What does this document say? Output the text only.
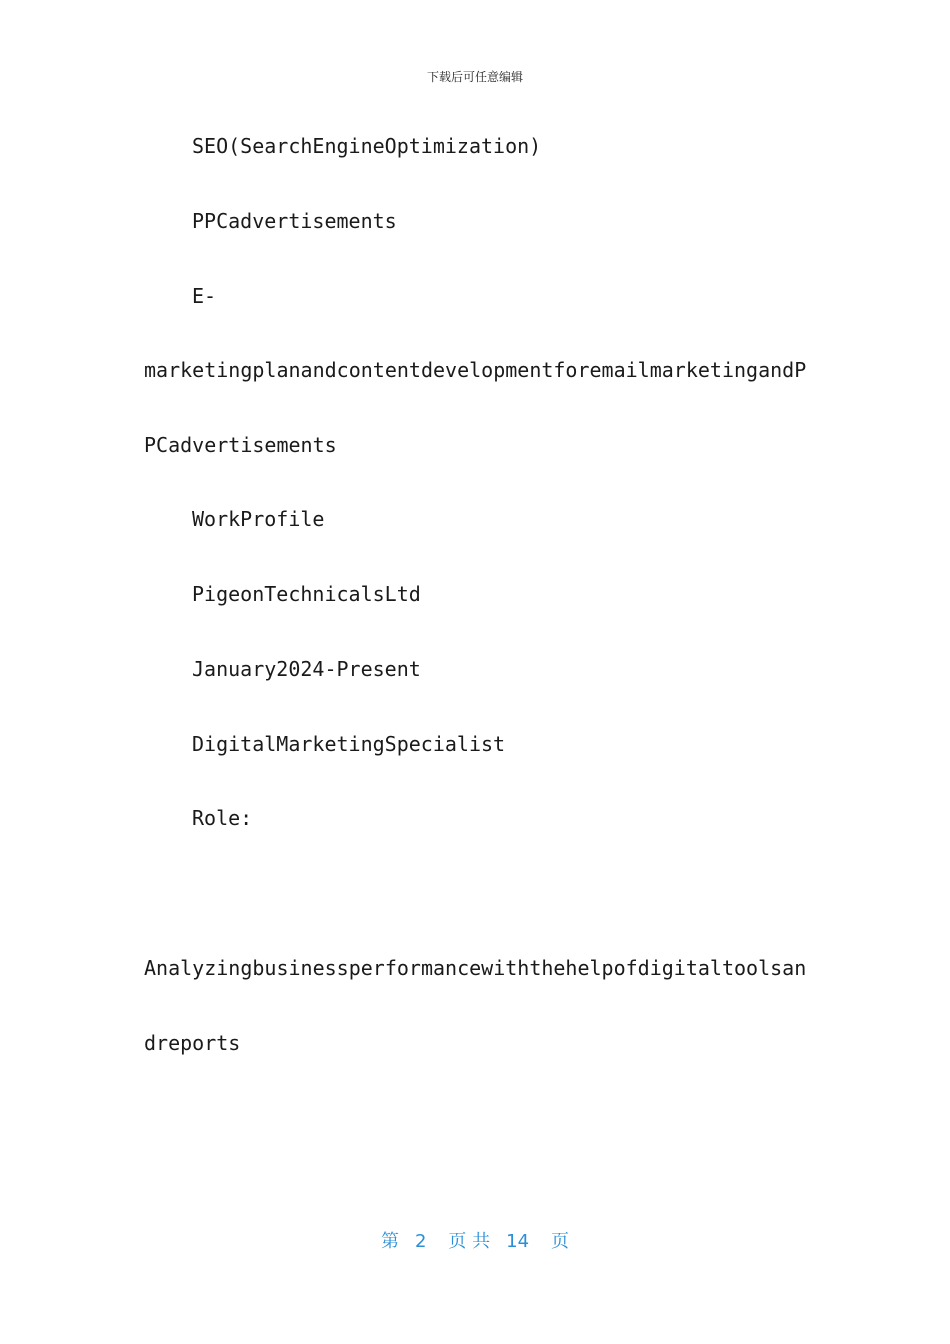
下载后可任意编辑
SEO(SearchEngineOptimization)
PPCadvertisements
E-
marketingplanandcontentdevelopmentforemailmarketingandP
PCadvertisements
WorkProfile
PigeonTechnicalsLtd
January2024-Present
DigitalMarketingSpecialist
Role:
Analyzingbusinessperformancewiththehelpofdigitaltoolsan
dreports
第 2 页 共 14 页
